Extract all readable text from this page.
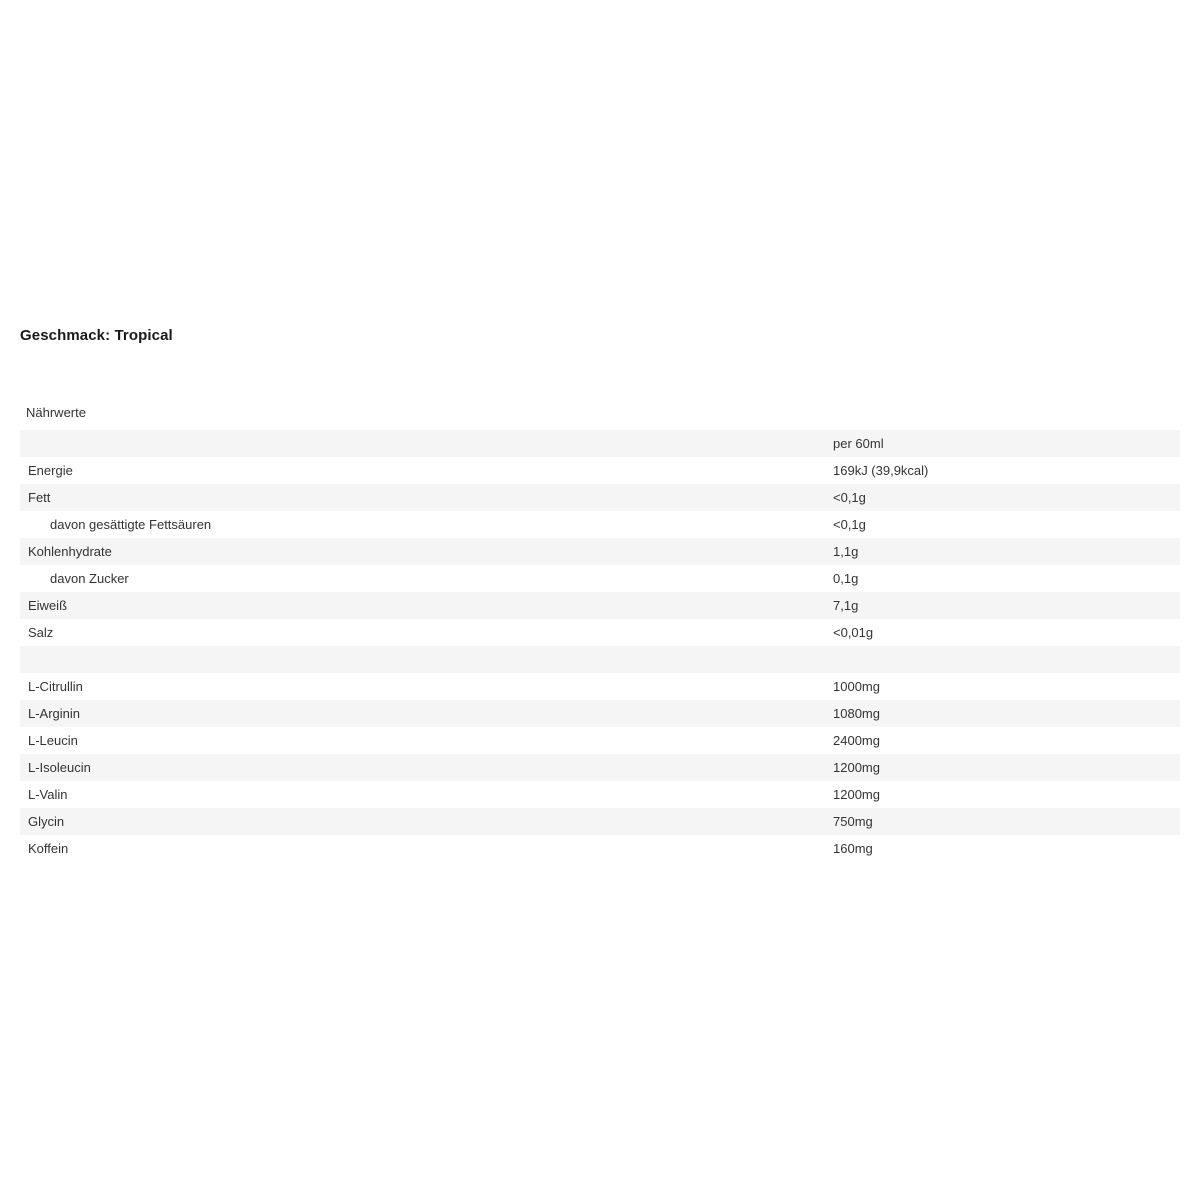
Geschmack: Tropical
Nährwerte
	per 60ml
Energie	169kJ (39,9kcal)
Fett	<0,1g
davon gesättigte Fettsäuren	<0,1g
Kohlenhydrate	1,1g
davon Zucker	0,1g
Eiweiß	7,1g
Salz	<0,01g

L-Citrullin	1000mg
L-Arginin	1080mg
L-Leucin	2400mg
L-Isoleucin	1200mg
L-Valin	1200mg
Glycin	750mg
Koffein	160mg
